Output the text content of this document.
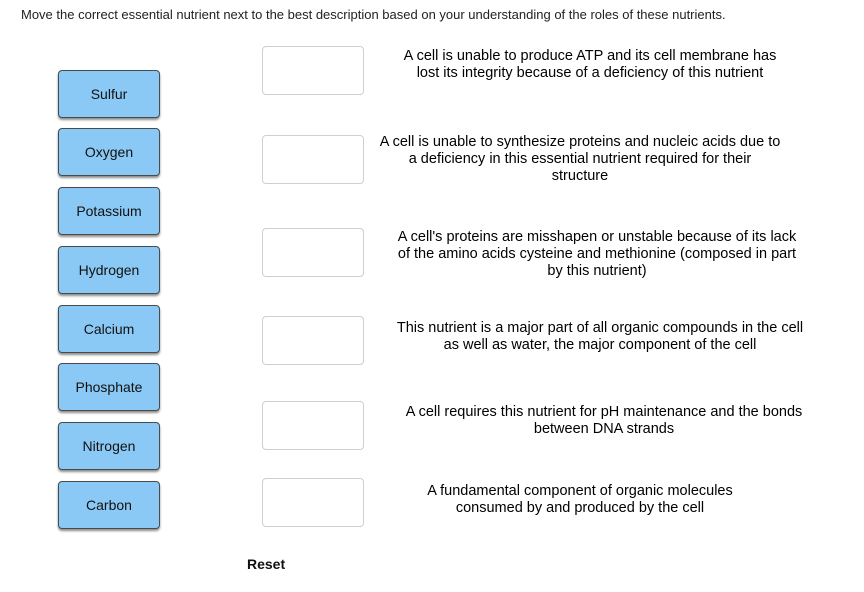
Move the correct essential nutrient next to the best description based on your understanding of the roles of these nutrients.
Sulfur
Oxygen
Potassium
Hydrogen
Calcium
Phosphate
Nitrogen
Carbon
A cell is unable to produce ATP and its cell membrane has lost its integrity because of a deficiency of this nutrient
A cell is unable to synthesize proteins and nucleic acids due to a deficiency in this essential nutrient required for their structure
A cell's proteins are misshapen or unstable because of its lack of the amino acids cysteine and methionine (composed in part by this nutrient)
This nutrient is a major part of all organic compounds in the cell as well as water, the major component of the cell
A cell requires this nutrient for pH maintenance and the bonds between DNA strands
A fundamental component of organic molecules consumed by and produced by the cell
Reset
